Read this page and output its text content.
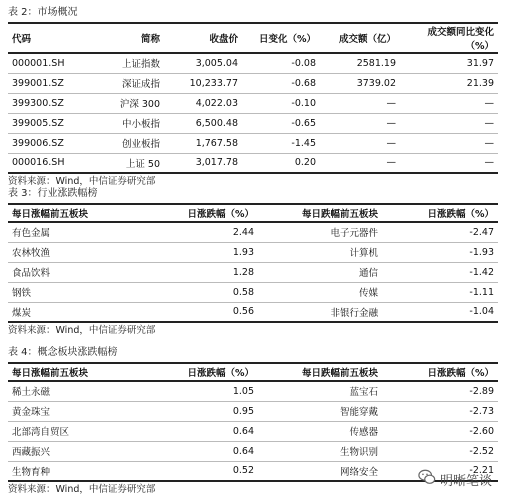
表 2：市场概况
代码	简称	收盘价	日变化（%）	成交额（亿）	成交额同比变化（%）
000001.SH	上证指数	3,005.04	-0.08	2581.19	31.97
399001.SZ	深证成指	10,233.77	-0.68	3739.02	21.39
399300.SZ	沪深 300	4,022.03	-0.10	—	—
399005.SZ	中小板指	6,500.48	-0.65	—	—
399006.SZ	创业板指	1,767.58	-1.45	—	—
000016.SH	上证 50	3,017.78	0.20	—	—
资料来源：Wind，中信证券研究部
表 3：行业涨跌幅榜
每日涨幅前五板块	日涨跌幅（%）	每日跌幅前五板块	日涨跌幅（%）
有色金属	2.44	电子元器件	-2.47
农林牧渔	1.93	计算机	-1.93
食品饮料	1.28	通信	-1.42
钢铁	0.58	传媒	-1.11
煤炭	0.56	非银行金融	-1.04
资料来源：Wind，中信证券研究部
表 4：概念板块涨跌幅榜
每日涨幅前五板块	日涨跌幅（%）	每日跌幅前五板块	日涨跌幅（%）
稀土永磁	1.05	蓝宝石	-2.89
黄金珠宝	0.95	智能穿戴	-2.73
北部湾自贸区	0.64	传感器	-2.60
西藏振兴	0.64	生物识别	-2.52
生物育种	0.52	网络安全	-2.21
资料来源：Wind，中信证券研究部
明晰笔谈
